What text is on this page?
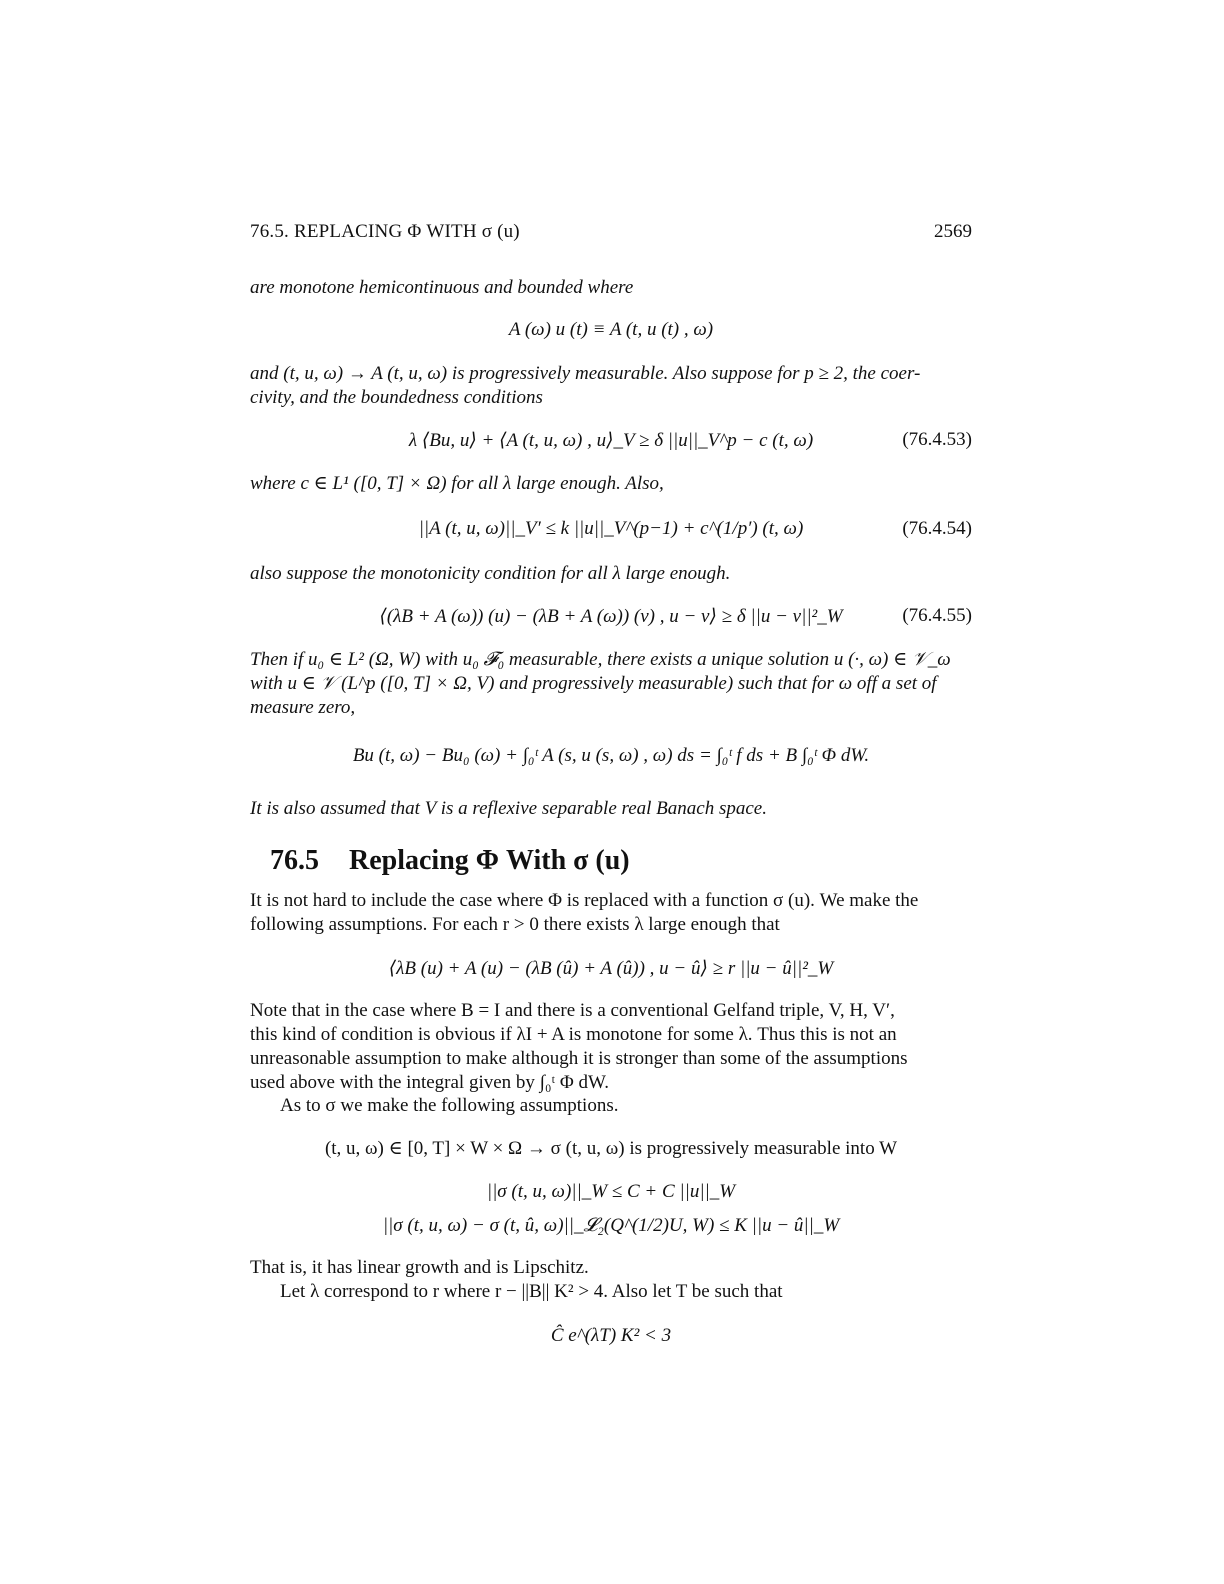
76.5. REPLACING Φ WITH σ (u)	2569
are monotone hemicontinuous and bounded where
A (ω) u (t) ≡ A (t, u (t) , ω)
and (t, u, ω) → A (t, u, ω) is progressively measurable. Also suppose for p ≥ 2, the coer-
civity, and the boundedness conditions
λ ⟨Bu, u⟩ + ⟨A (t, u, ω) , u⟩_V ≥ δ ||u||_V^p − c (t, ω)	(76.4.53)
where c ∈ L¹ ([0, T] × Ω) for all λ large enough. Also,
||A (t, u, ω)||_V′ ≤ k ||u||_V^(p−1) + c^(1/p′) (t, ω)	(76.4.54)
also suppose the monotonicity condition for all λ large enough.
⟨(λB + A (ω)) (u) − (λB + A (ω)) (v) , u − v⟩ ≥ δ ||u − v||²_W	(76.4.55)
Then if u₀ ∈ L² (Ω, W) with u₀ 𝓕₀ measurable, there exists a unique solution u (·, ω) ∈ 𝒱_ω
with u ∈ 𝒱 (L^p ([0, T] × Ω, V) and progressively measurable) such that for ω off a set of
measure zero,
Bu (t, ω) − Bu₀ (ω) + ∫₀ᵗ A (s, u (s, ω) , ω) ds = ∫₀ᵗ f ds + B ∫₀ᵗ Φ dW.
It is also assumed that V is a reflexive separable real Banach space.
76.5 Replacing Φ With σ (u)
It is not hard to include the case where Φ is replaced with a function σ (u). We make the
following assumptions. For each r > 0 there exists λ large enough that
⟨λB (u) + A (u) − (λB (û) + A (û)) , u − û⟩ ≥ r ||u − û||²_W
Note that in the case where B = I and there is a conventional Gelfand triple, V, H, V′,
this kind of condition is obvious if λI + A is monotone for some λ. Thus this is not an
unreasonable assumption to make although it is stronger than some of the assumptions
used above with the integral given by ∫₀ᵗ Φ dW.
As to σ we make the following assumptions.
(t, u, ω) ∈ [0, T] × W × Ω → σ (t, u, ω) is progressively measurable into W
||σ (t, u, ω)||_W ≤ C + C ||u||_W
||σ (t, u, ω) − σ (t, û, ω)||_𝓛₂(Q^(1/2)U, W) ≤ K ||u − û||_W
That is, it has linear growth and is Lipschitz.
Let λ correspond to r where r − ||B|| K² > 4. Also let T be such that
Ĉ e^(λT) K² < 3
